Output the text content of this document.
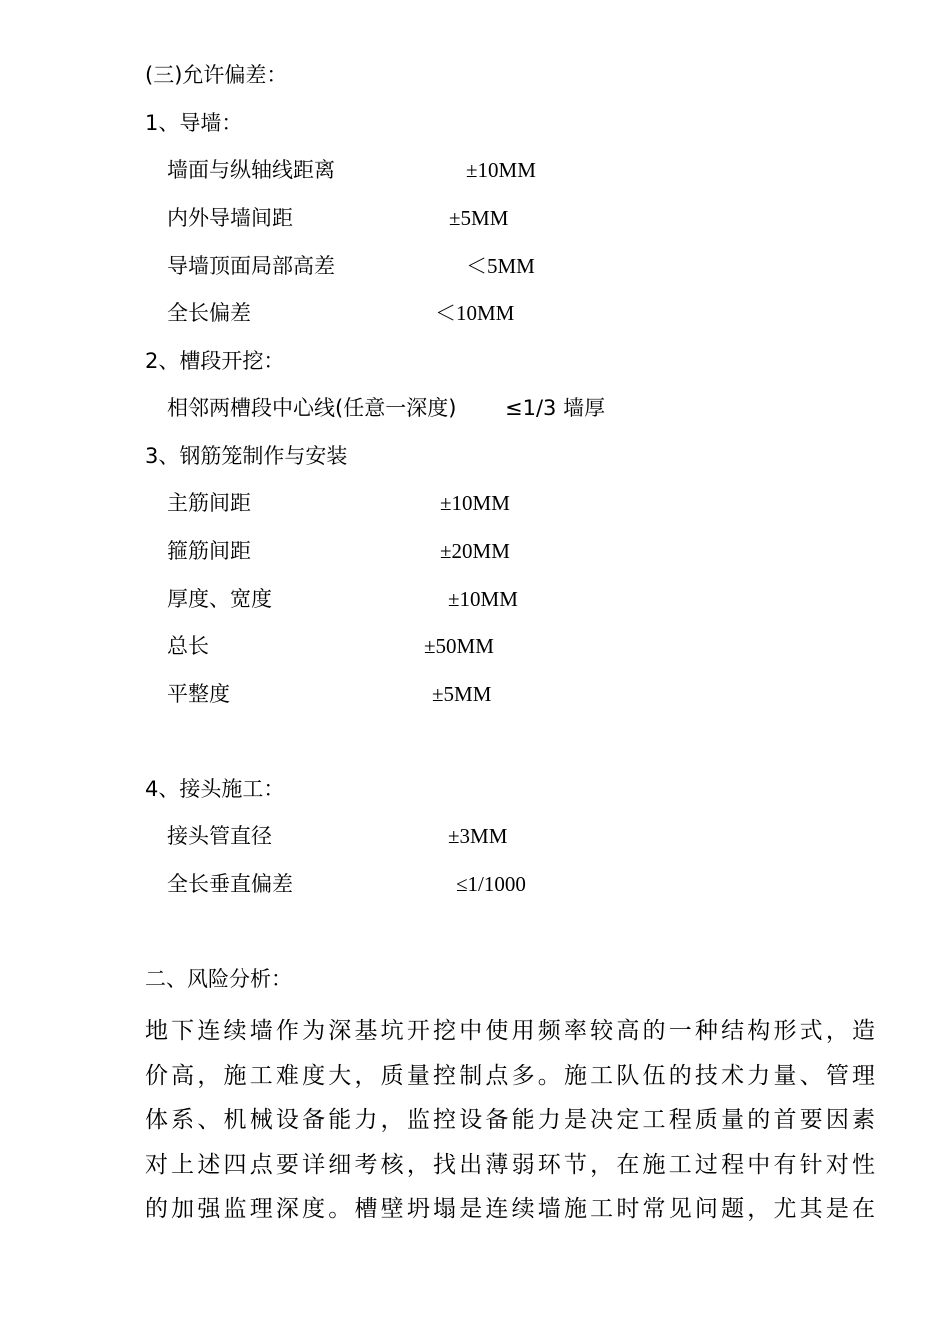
(三)允许偏差：
1、导墙：
墙面与纵轴线距离	±10MM
内外导墙间距	±5MM
导墙顶面局部高差	＜5MM
全长偏差	＜10MM
2、槽段开挖：
相邻两槽段中心线(任意一深度) ≤1/3 墙厚
3、钢筋笼制作与安装
主筋间距	±10MM
箍筋间距	±20MM
厚度、宽度	±10MM
总长	±50MM
平整度	±5MM
4、接头施工：
接头管直径	±3MM
全长垂直偏差	≤1/1000
二、风险分析：
地下连续墙作为深基坑开挖中使用频率较高的一种结构形式，造
价高，施工难度大，质量控制点多。施工队伍的技术力量、管理
体系、机械设备能力，监控设备能力是决定工程质量的首要因素
对上述四点要详细考核，找出薄弱环节，在施工过程中有针对性
的加强监理深度。槽壁坍塌是连续墙施工时常见问题，尤其是在
